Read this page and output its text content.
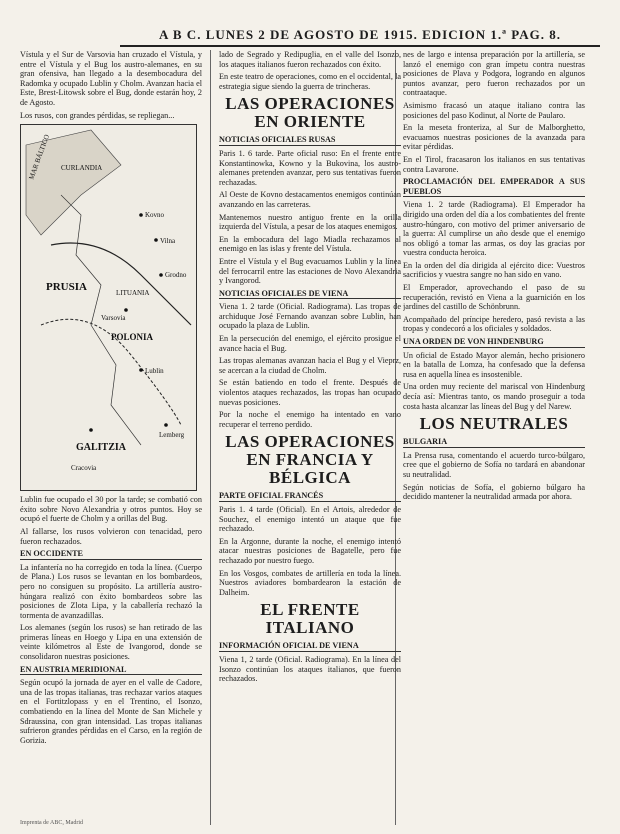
A B C. LUNES 2 DE AGOSTO DE 1915. EDICION 1.ª PAG. 8.

Vístula y el Sur de Varsovia han cruzado el Vístula, y entre el Vístula y el Bug los austro-alemanes, en su gran ofensiva, han llegado a la desembocadura del Radomka y ocupado Lublin y Cholm. Avanzan hacia el Este, Brest-Litowsk sobre el Bug, donde estarán hoy, 2 de Agosto.

Los rusos, con grandes pérdidas, se repliegan...

MAR BÁLTICO CURLANDIA
PRUSIA	LITUANIA
POLONIA
GALITZIA
Kovno
Vilna
Grodno
Varsovia
Lublin
Lemberg
Cracovia

Lublin fue ocupado el 30 por la tarde; se combatió con éxito sobre Novo Alexandria y otros puntos. Hoy se ocupó el fuerte de Cholm y a orillas del Bug.

Al fallarse, los rusos volvieron con tenacidad, pero fueron rechazados.

EN OCCIDENTE

La infantería no ha corregido en toda la línea. (Cuerpo de Plana.) Los rusos se levantan en los bombardeos, pero no consiguen su propósito. La artillería austro-húngara realizó con éxito bombardeos sobre las posiciones de Zlota Lipa, y la caballería rechazó la tormenta de avanzadillas.

Los alemanes (según los rusos) se han retirado de las primeras líneas en Hoego y Lipa en una extensión de veinte kilómetros al Este de Ivangorod, donde se consolidaron nuestras posiciones.

EN AUSTRIA MERIDIONAL

Según ocupó la jornada de ayer en el valle de Cadore, una de las tropas italianas, tras rechazar varios ataques en el Fortitzlopass y en el Trentino, el Isonzo, combatiendo en la línea del Monte de San Michele y Sdraussina, con gran intensidad. Las tropas italianas sufrieron grandes pérdidas en el Carso, en la región de Gorizia.

lado de Segrado y Redipuglia, en el valle del Isonzo, los ataques italianos fueron rechazados con éxito.

En este teatro de operaciones, como en el occidental, la estrategia sigue siendo la guerra de trincheras.

LAS OPERACIONES EN ORIENTE
NOTICIAS OFICIALES RUSAS

Paris 1. 6 tarde. Parte oficial ruso: En el frente entre Konstantinowka, Kowno y la Bukovina, los austro-alemanes pretenden avanzar, pero sus tentativas fueron rechazadas.

Al Oeste de Kovno destacamentos enemigos continúan avanzando en las carreteras.

Mantenemos nuestro antiguo frente en la orilla izquierda del Vístula, a pesar de los ataques enemigos.

En la embocadura del lago Miadla rechazamos al enemigo en las islas y frente del Vístula.

Entre el Vístula y el Bug evacuamos Lublin y la línea del ferrocarril entre las estaciones de Novo Alexandria y Ivangorod.

NOTICIAS OFICIALES DE VIENA

Viena 1. 2 tarde (Oficial. Radiograma). Las tropas de archiduque José Fernando avanzan sobre Lublin, han ocupado la plaza de Lublin.

En la persecución del enemigo, el ejército prosigue el avance hacia el Bug.

Las tropas alemanas avanzan hacia el Bug y el Vieprz, se acercan a la ciudad de Cholm.

Se están batiendo en todo el frente. Después de violentos ataques rechazados, las tropas han ocupado nuevas posiciones.

Por la noche el enemigo ha intentado en vano recuperar el terreno perdido.

LAS OPERACIONES EN FRANCIA Y BÉLGICA
PARTE OFICIAL FRANCÉS

Paris 1. 4 tarde (Oficial). En el Artois, alrededor de Souchez, el enemigo intentó un ataque que fue rechazado.

En la Argonne, durante la noche, el enemigo intentó atacar nuestras posiciones de Bagatelle, pero fue rechazado por nuestro fuego.

En los Vosgos, combates de artillería en toda la línea. Nuestros aviadores bombardearon la estación de Dalheim.

EL FRENTE ITALIANO
INFORMACIÓN OFICIAL DE VIENA

Viena 1, 2 tarde (Oficial. Radiograma). En la línea del Isonzo continúan los ataques italianos, que fueron rechazados.

nes de largo e intensa preparación por la artillería, se lanzó el enemigo con gran ímpetu contra nuestras posiciones de Plava y Podgora, logrando en algunos puntos avanzar, pero fueron rechazados por un contraataque.

Asimismo fracasó un ataque italiano contra las posiciones del paso Kodinut, al Norte de Paularo.

En la meseta fronteriza, al Sur de Malborghetto, evacuamos nuestras posiciones de la avanzada para evitar pérdidas.

En el Tirol, fracasaron los italianos en sus tentativas contra Lavarone.

PROCLAMACIÓN DEL EMPERADOR A SUS PUEBLOS

Viena 1. 2 tarde (Radiograma). El Emperador ha dirigido una orden del día a los combatientes del frente austro-húngaro, con motivo del primer aniversario de la guerra: Al cumplirse un año desde que el enemigo nos obligó a tomar las armas, os doy las gracias por vuestra conducta heroica.

En la orden del día dirigida al ejército dice: Vuestros sacrificios y vuestra sangre no han sido en vano.

El Emperador, aprovechando el paso de su recuperación, revistó en Viena a la guarnición en los jardines del castillo de Schönbrunn.

Acompañado del príncipe heredero, pasó revista a las tropas y condecoró a los oficiales y soldados.

UNA ORDEN DE VON HINDENBURG

Un oficial de Estado Mayor alemán, hecho prisionero en la batalla de Lomza, ha confesado que la defensa rusa en aquella línea es insostenible.

Una orden muy reciente del mariscal von Hindenburg decía así: Mientras tanto, os mando proseguir a toda costa hasta alcanzar las líneas del Bug y del Narew.

LOS NEUTRALES
BULGARIA

La Prensa rusa, comentando el acuerdo turco-búlgaro, cree que el gobierno de Sofía no tardará en abandonar su neutralidad.

Según noticias de Sofía, el gobierno búlgaro ha decidido mantener la neutralidad armada por ahora.

Imprenta de ABC, Madrid
